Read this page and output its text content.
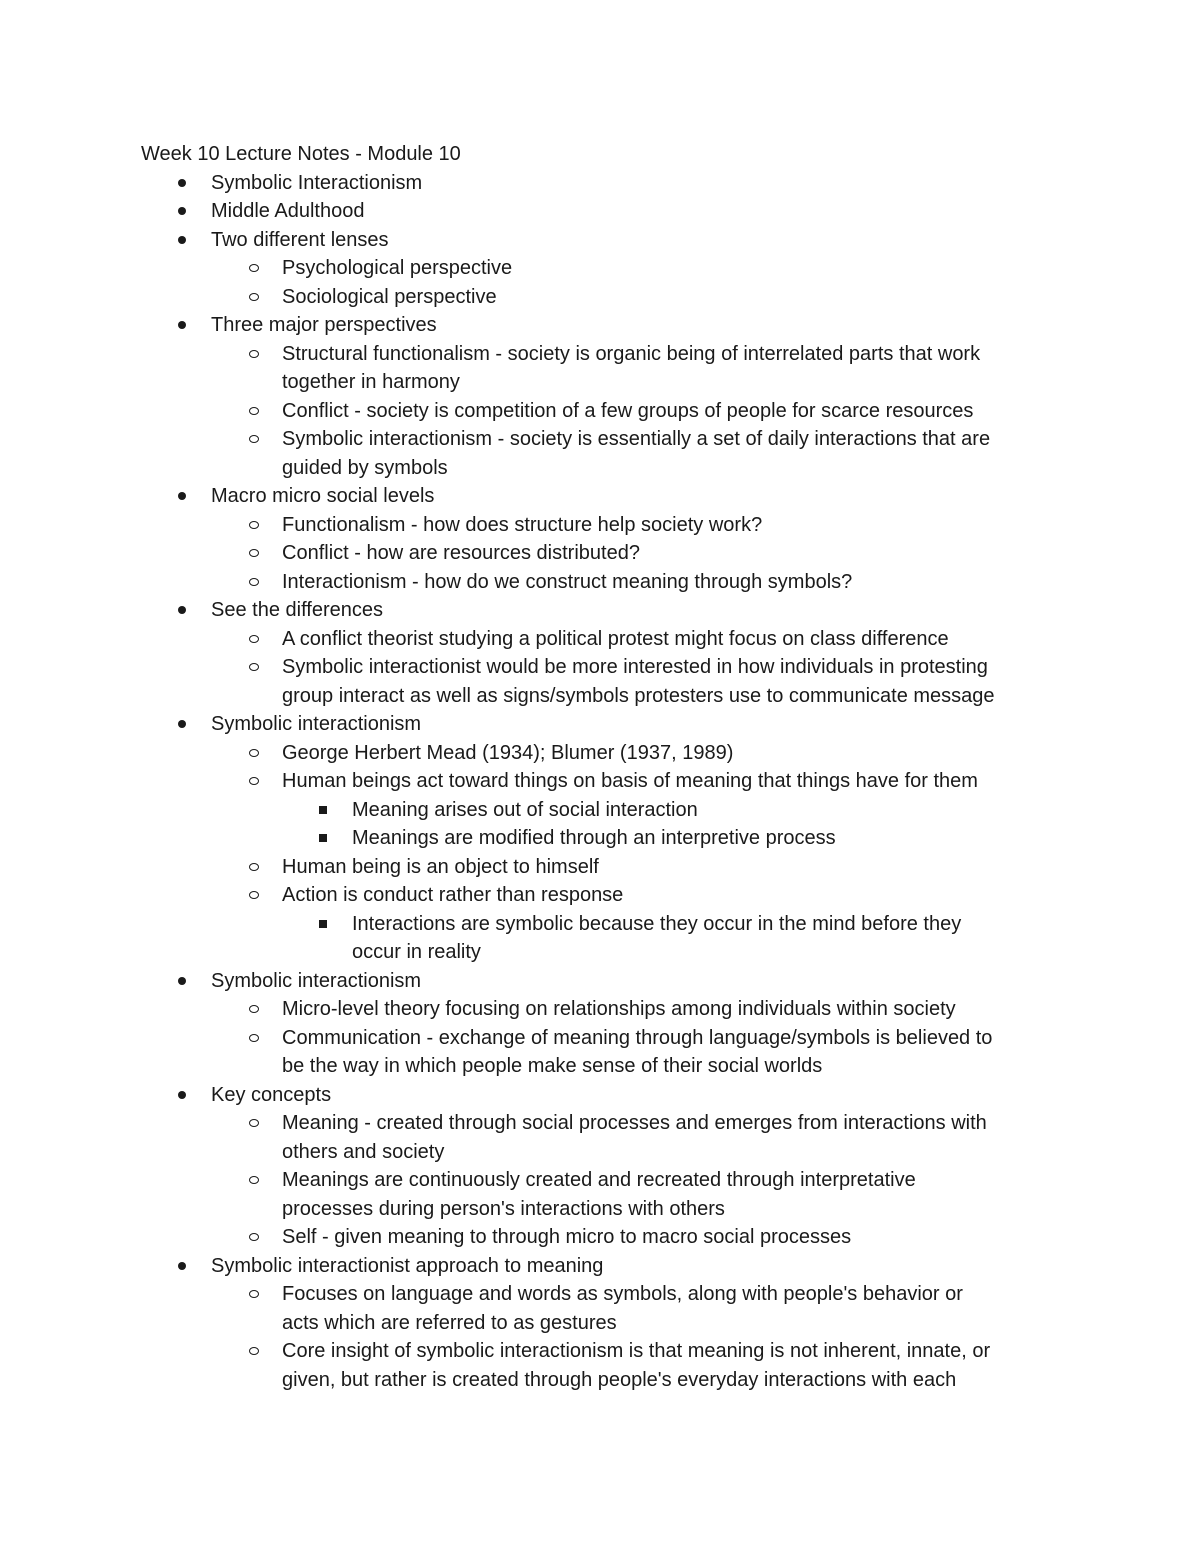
Week 10 Lecture Notes - Module 10
Symbolic Interactionism
Middle Adulthood
Two different lenses
Psychological perspective
Sociological perspective
Three major perspectives
Structural functionalism - society is organic being of interrelated parts that work
together in harmony
Conflict - society is competition of a few groups of people for scarce resources
Symbolic interactionism - society is essentially a set of daily interactions that are
guided by symbols
Macro micro social levels
Functionalism - how does structure help society work?
Conflict - how are resources distributed?
Interactionism - how do we construct meaning through symbols?
See the differences
A conflict theorist studying a political protest might focus on class difference
Symbolic interactionist would be more interested in how individuals in protesting
group interact as well as signs/symbols protesters use to communicate message
Symbolic interactionism
George Herbert Mead (1934); Blumer (1937, 1989)
Human beings act toward things on basis of meaning that things have for them
Meaning arises out of social interaction
Meanings are modified through an interpretive process
Human being is an object to himself
Action is conduct rather than response
Interactions are symbolic because they occur in the mind before they
occur in reality
Symbolic interactionism
Micro-level theory focusing on relationships among individuals within society
Communication - exchange of meaning through language/symbols is believed to
be the way in which people make sense of their social worlds
Key concepts
Meaning - created through social processes and emerges from interactions with
others and society
Meanings are continuously created and recreated through interpretative
processes during person's interactions with others
Self - given meaning to through micro to macro social processes
Symbolic interactionist approach to meaning
Focuses on language and words as symbols, along with people's behavior or
acts which are referred to as gestures
Core insight of symbolic interactionism is that meaning is not inherent, innate, or
given, but rather is created through people's everyday interactions with each
